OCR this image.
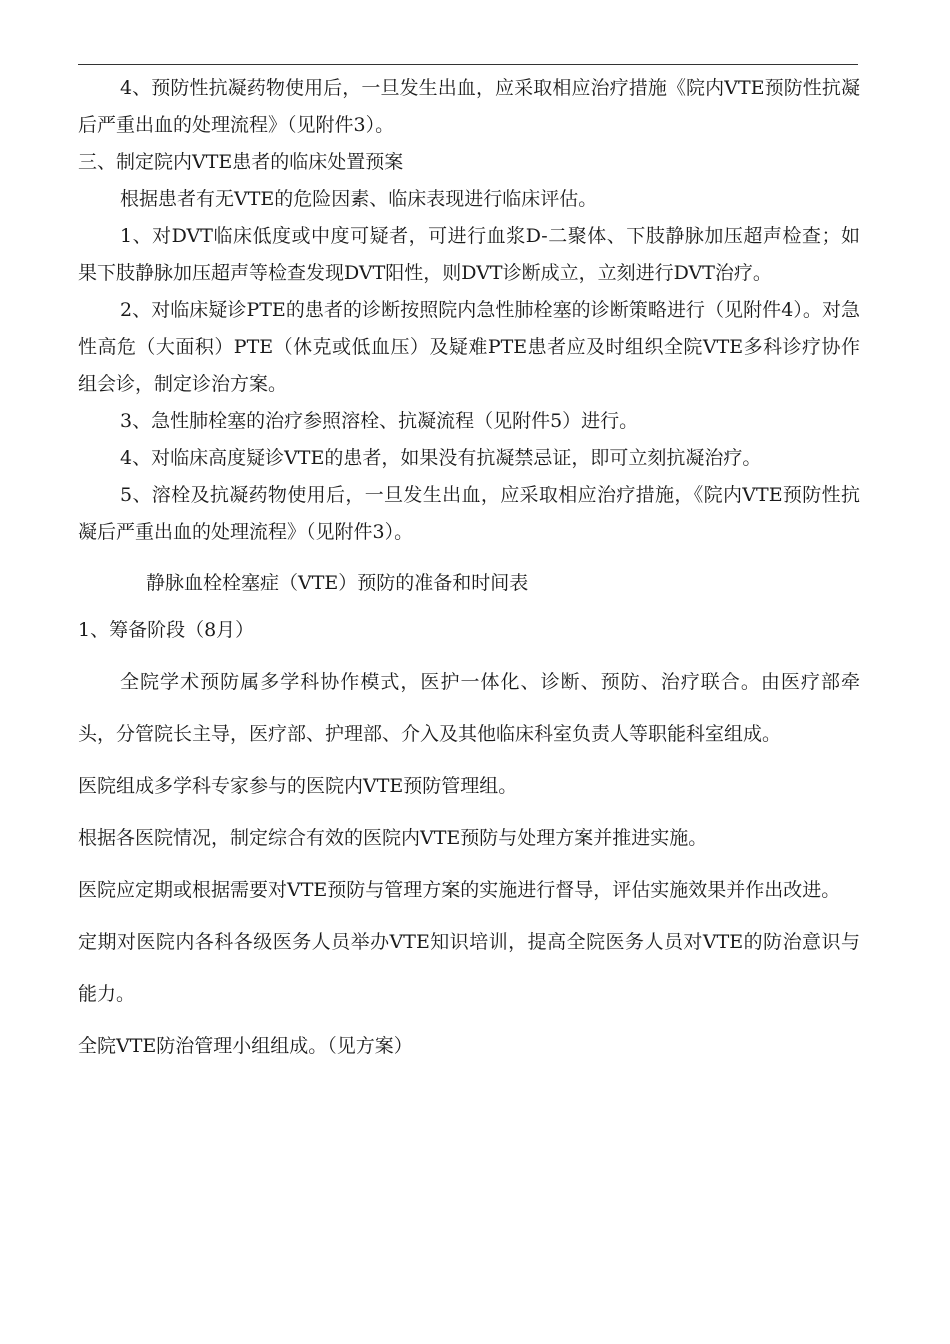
4、预防性抗凝药物使用后，一旦发生出血，应采取相应治疗措施《院内VTE预防性抗凝后严重出血的处理流程》（见附件3）。

三、制定院内VTE患者的临床处置预案

根据患者有无VTE的危险因素、临床表现进行临床评估。

1、对DVT临床低度或中度可疑者，可进行血浆D-二聚体、下肢静脉加压超声检查；如果下肢静脉加压超声等检查发现DVT阳性，则DVT诊断成立，立刻进行DVT治疗。

2、对临床疑诊PTE的患者的诊断按照院内急性肺栓塞的诊断策略进行（见附件4）。对急性高危（大面积）PTE（休克或低血压）及疑难PTE患者应及时组织全院VTE多科诊疗协作组会诊，制定诊治方案。

3、急性肺栓塞的治疗参照溶栓、抗凝流程（见附件5）进行。

4、对临床高度疑诊VTE的患者，如果没有抗凝禁忌证，即可立刻抗凝治疗。

5、溶栓及抗凝药物使用后，一旦发生出血，应采取相应治疗措施，《院内VTE预防性抗凝后严重出血的处理流程》（见附件3）。

静脉血栓栓塞症（VTE）预防的准备和时间表

1、筹备阶段（8月）

全院学术预防属多学科协作模式，医护一体化、诊断、预防、治疗联合。由医疗部牵头，分管院长主导，医疗部、护理部、介入及其他临床科室负责人等职能科室组成。

医院组成多学科专家参与的医院内VTE预防管理组。

根据各医院情况，制定综合有效的医院内VTE预防与处理方案并推进实施。

医院应定期或根据需要对VTE预防与管理方案的实施进行督导，评估实施效果并作出改进。

定期对医院内各科各级医务人员举办VTE知识培训，提高全院医务人员对VTE的防治意识与能力。

全院VTE防治管理小组组成。（见方案）
